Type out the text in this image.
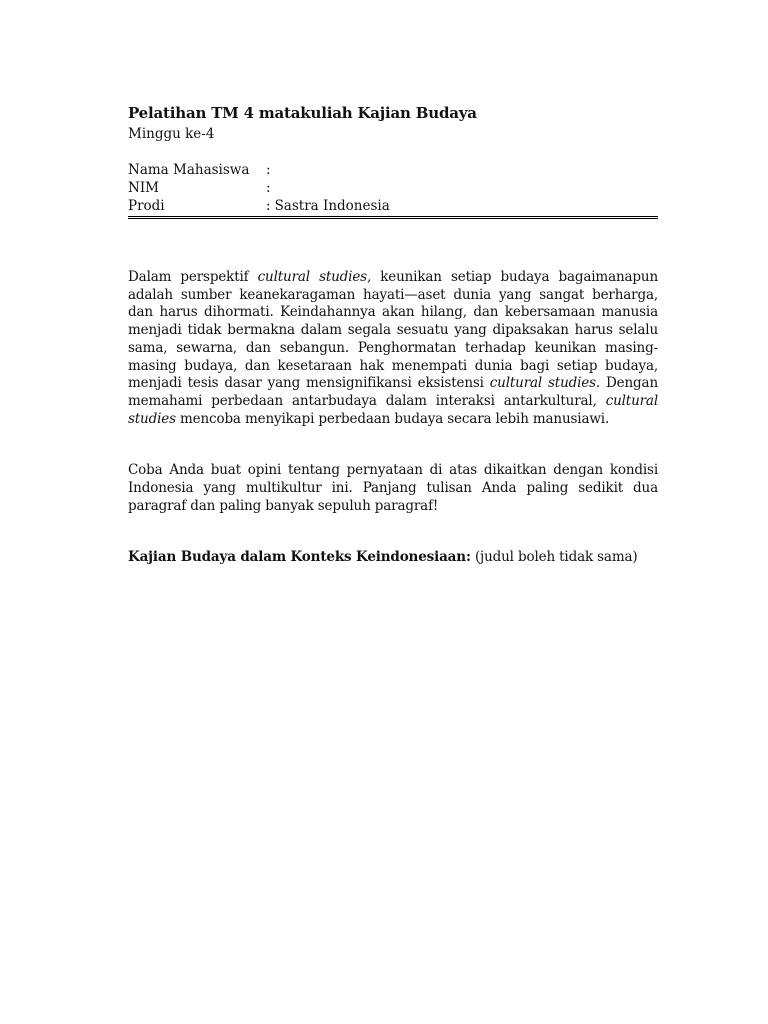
Pelatihan TM 4 matakuliah Kajian Budaya

Minggu ke-4

Nama Mahasiswa	:
NIM	:
Prodi	: Sastra Indonesia

Dalam perspektif cultural studies, keunikan setiap budaya bagaimanapun adalah sumber keanekaragaman hayati—aset dunia yang sangat berharga, dan harus dihormati. Keindahannya akan hilang, dan kebersamaan manusia menjadi tidak bermakna dalam segala sesuatu yang dipaksakan harus selalu sama, sewarna, dan sebangun. Penghormatan terhadap keunikan masing-masing budaya, dan kesetaraan hak menempati dunia bagi setiap budaya, menjadi tesis dasar yang mensignifikansi eksistensi cultural studies. Dengan memahami perbedaan antarbudaya dalam interaksi antarkultural, cultural studies mencoba menyikapi perbedaan budaya secara lebih manusiawi.

Coba Anda buat opini tentang pernyataan di atas dikaitkan dengan kondisi Indonesia yang multikultur ini. Panjang tulisan Anda paling sedikit dua paragraf dan paling banyak sepuluh paragraf!

Kajian Budaya dalam Konteks Keindonesiaan: (judul boleh tidak sama)
